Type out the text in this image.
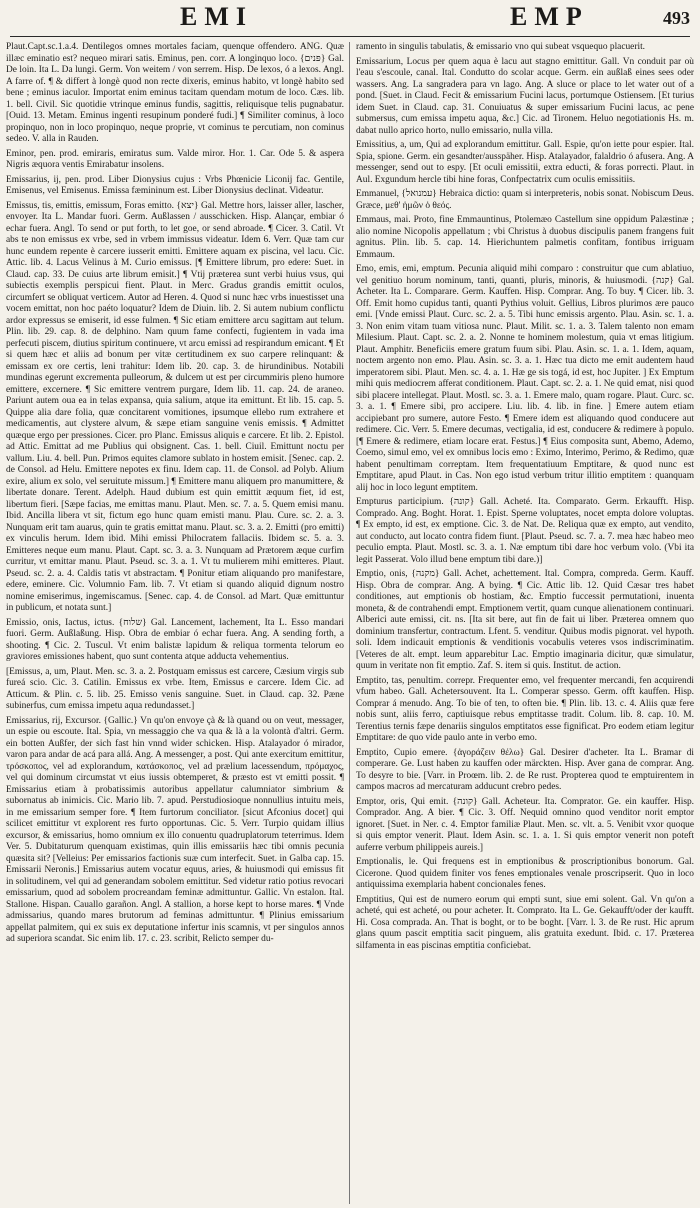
EMI	EMP	493

Plaut.Capt.sc.1.a.4. Dentilegos omnes mortales faciam, quenque offendero. ANG. Quæ illæc eminatio est? nequeo mirari satis. Eminus, pen. corr. A longinquo loco. {פּנים} Gal. De loin. Ita L. Da lungi. Germ. Von weitem / von serrem. Hisp. De lexos, ó a lexos. Angl. A farre of. ¶ & differt à longè quod non recte dixeris, eminus habito, vt longè habito sed bene ; eminus iaculor. Importat enim eminus tacitam quendam motum de loco. Cæs. lib. 1. bell. Civil. Sic quotidie vtrinque eminus fundis, sagittis, reliquisque telis pugnabatur. [Ouid. 13. Metam. Eminus ingenti resupinum ponderé fudi.] ¶ Similiter cominus, à loco propinquo, non in loco propinquo, neque proprie, vt cominus te percutiam, non cominus sedeo. V. alla in Rauden.

Eminor, pen. prod. emiraris, emiratus sum. Valde miror. Hor. 1. Car. Ode 5. & aspera Nigris æquora ventis Emirabatur insolens.

Emissarius, ij, pen. prod. Liber Dionysius cujus : Vrbs Phœnicie Liconij fac. Gentile, Emisenus, vel Emisenus. Emissa fæmininum est. Liber Dionysius declinat. Videatur.

Emissus, tis, emittis, emissum, Foras emitto. {יצא} Gal. Mettre hors, laisser aller, lascher, envoyer. Ita L. Mandar fuori. Germ. Außlassen / ausschicken. Hisp. Alançar, embiar ó echar fuera. Angl. To send or put forth, to let goe, or send abroade. ¶ Cicer. 3. Catil. Vt abs te non emissus ex vrbe, sed in vrbem immissus videatur. Idem 6. Verr. Quæ tam cur hunc eundem repente è carcere iusserit emitti. Emittere aquam ex piscina, vel lacu. Cic. Attic. lib. 4. Lacus Velinus à M. Curio emissus. [¶ Emittere librum, pro edere: Suet. in Claud. cap. 33. De cuius arte librum emisit.] ¶ Vtij præterea sunt verbi huius vsus, qui subiectis exemplis perspicui fient. Plaut. in Merc. Gradus grandis emittit oculos, circumfert se obliquat verticem. Autor ad Heren. 4. Quod si nunc hæc vrbs inuestisset una vocem emittat, non hoc paéto loquatur? Idem de Diuin. lib. 2. Si autem nubium conflictu ardor expressus se emiserit, id esse fulmen. ¶ Sic etiam emittere arcu sagittam aut telum. Plin. lib. 29. cap. 8. de delphino. Nam quum fame confecti, fugientem in vada ima perfecuti piscem, diutius spiritum continuere, vt arcu emissi ad respirandum emicant. ¶ Et si quem hæc et aliis ad bonum per vitæ certitudinem ex suo carpere relinquant: & emissam ex ore certis, leni trahitur: Idem lib. 20. cap. 3. de hirundinibus. Notabili mundinas egerunt excrementa pulleorum, & dulcem ut est per circummiris pleno humore emittere, excernere. ¶ Sic emittere ventrem purgare, Idem lib. 11. cap. 24. de araneo. Pariunt autem oua ea in telas expansa, quia salium, atque ita emittunt. Et lib. 15. cap. 5. Quippe alia dare folia, quæ concitarent vomitiones, ipsumque ellebo rum extrahere et medicamentis, aut clystere alvum, & sæpe etiam sanguine venis emissis. ¶ Admittet quæque ergo per pressiones. Cicer. pro Planc. Emissus aliquis e carcere. Et lib. 2. Epistol. ad Attic. Emittat ad me Publius qui obsignent. Cas. 1. bell. Ciuil. Emittunt noctu per vallum. Liu. 4. bell. Pun. Primos equites clamore sublato in hostem emisit. [Senec. cap. 2. de Consol. ad Helu. Emittere nepotes ex finu. Idem cap. 11. de Consol. ad Polyb. Alium exire, alium ex solo, vel seruitute missum.] ¶ Emittere manu aliquem pro manumittere, & libertate donare. Terent. Adelph. Haud dubium est quin emittit æquum fiet, id est, libertum fieri. [Sæpe facias, me emittas manu. Plaut. Men. sc. 7. a. 5. Quem emisi manu. Ibid. Ancilla libera vt sit, fictum ego hunc quam emisti manu. Plau. Cure. sc. 2. a. 3. Nunquam erit tam auarus, quin te gratis emittat manu. Plaut. sc. 3. a. 2. Emitti (pro emitti) ex vinculis herum. Idem ibid. Mihi emissi Philocratem fallaciis. Ibidem sc. 5. a. 3. Emitteres neque eum manu. Plaut. Capt. sc. 3. a. 3. Nunquam ad Prætorem æque curfim curritur, vt emittar manu. Plaut. Pseud. sc. 3. a. 1. Vt tu mulierem mihi emitteres. Plaut. Pseud. sc. 2. a. 4. Caldis tatis vt abstractam. ¶ Ponitur etiam aliquando pro manifestare, edere, eminere. Cic. Volumnio Fam. lib. 7. Vt etiam si quando aliquid dignum nostro nomine emiserimus, ingemiscamus. [Senec. cap. 4. de Consol. ad Mart. Quæ emittuntur in publicum, et notata sunt.]

Emissio, onis, Iactus, ictus. {שלוח} Gal. Lancement, lachement, Ita L. Esso mandari fuori. Germ. Außlaßung. Hisp. Obra de embiar ó echar fuera. Ang. A sending forth, a shooting. ¶ Cic. 2. Tuscul. Vt enim balistæ lapidum & reliqua tormenta telorum eo graviores emissiones habent, quo sunt contenta atque adducta vehementius.

[Emissus, a, um, Plaut. Men. sc. 3. a. 2. Postquam emissus est carcere, Cæsium virgis sub fureá scio. Cic. 3. Catilin. Emissus ex vrbe. Item, Emissus e carcere. Idem Cic. ad Atticum. & Plin. c. 5. lib. 25. Emisso venis sanguine. Suet. in Claud. cap. 32. Pæne subinerfus, cum emissa impetu aqua redundasset.]

Emissarius, rij, Excursor. {Gallic.} Vn qu'on envoye çà & là quand ou on veut, messager, un espie ou escoute. Ital. Spia, vn messaggio che va qua & là a la volontà d'altri. Germ. ein botten Außfer, der sich fast hin vnnd wider schicken. Hisp. Atalayador ó mirador, varon para andar de acá para allá. Ang. A messenger, a post. Qui ante exercitum emittitur, τρόσκοπος, vel ad explorandum, κατάσκοπος, vel ad prælium lacessendum, πρόμαχος, vel qui dominum circumstat vt eius iussis obtemperet, & præsto est vt emitti possit. ¶ Emissarius etiam à probatissimis autoribus appellatur calumniator simbrium & subornatus ab inimicis. Cic. Mario lib. 7. apud. Perstudiosioque nonnullius intuitu meis, in me emissarium semper fore. ¶ Item furtorum conciliator. [sicut Afconius docet] qui scilicet emittitur vt explorent res furto opportunas. Cic. 5. Verr. Turpio quidam illius excursor, & emissarius, homo omnium ex illo conuentu quadruplatorum teterrimus. Idem Ver. 5. Dubitaturum quenquam existimas, quin illis emissariis hæc tibi omnis pecunia quæsita sit? [Velleius: Per emissarios factionis suæ cum interfecit. Suet. in Galba cap. 15. Emissarii Neronis.] Emissarius autem vocatur equus, aries, & huiusmodi qui emissus fit in solitudinem, vel qui ad generandam sobolem emittitur. Sed videtur ratio potius revocari emissarium, quod ad sobolem procreandam feminæ admittuntur. Gallic. Vn estalon. Ital. Stallone. Hispan. Cauallo garañon. Angl. A stallion, a horse kept to horse mares. ¶ Vnde admissarius, quando mares brutorum ad feminas admittuntur. ¶ Plinius emissarium appellat palmitem, qui ex suis ex deputatione infertur inis scamnis, vt per singulos annos ad superiora scandat. Sic enim lib. 17. c. 23. scribit, Relicto semper du-

ramento in singulis tabulatis, & emissario vno qui subeat vsquequo placuerit.

Emissarium, Locus per quem aqua è lacu aut stagno emittitur. Gall. Vn conduit par où l'eau s'escoule, canal. Ital. Condutto do scolar acque. Germ. ein außlaß eines sees oder wassers. Ang. La sangradera para vn lago. Ang. A sluce or place to let water out of a pond. [Suet. in Claud. Fecit & emissarium Fucini lacus, portumque Ostiensem. [Et turius idem Suet. in Claud. cap. 31. Conuiuatus & super emissarium Fucini lacus, ac pene submersus, cum emissa impetu aqua, &c.] Cic. ad Tironem. Heluo negotiationis Hs. m. dabat nullo aprico horto, nullo emissario, nulla villa.

Emissitius, a, um, Qui ad explorandum emittitur. Gall. Espie, qu'on iette pour espier. Ital. Spia, spione. Germ. ein gesandter/ausspäher. Hisp. Atalayador, falaldrio ó afusera. Ang. A messenger, send out to espy. [Et oculi emissitii, extra educti, & foras porrecti. Plaut. in Aul. Exgundum hercle tibi hine foras, Confpectatrix cum oculis emissitiis.

Emmanuel, {עמנואל} Hebraica dictio: quam si interpreteris, nobis sonat. Nobiscum Deus. Græce, μεθ' ἡμῶν ὁ θεός.

Emmaus, mai. Proto, fine Emmauntinus, Ptolemæo Castellum sine oppidum Palæstinæ ; alio nomine Nicopolis appellatum ; vbi Christus à duobus discipulis panem frangens fuit agnitus. Plin. lib. 5. cap. 14. Hierichuntem palmetis confitam, fontibus irriguam Emmaum.

Emo, emis, emi, emptum. Pecunia aliquid mihi comparo : construitur que cum ablatiuo, vel genitiuo horum nominum, tanti, quanti, pluris, minoris, & huiusmodi. {קנה} Gal. Acheter. Ita L. Comparare. Germ. Kauffen. Hisp. Comprar. Ang. To buy. ¶ Cicer. lib. 3. Off. Emit homo cupidus tanti, quanti Pythius voluit. Gellius, Libros plurimos ære pauco emi. [Vnde emissi Plaut. Curc. sc. 2. a. 5. Tibi hunc emissis argento. Plau. Asin. sc. 1. a. 3. Non enim vitam tuam vitiosa nunc. Plaut. Milit. sc. 1. a. 3. Talem talento non emam Milesium. Plaut. Capt. sc. 2. a. 2. Nonne te hominem molestum, quia vt emas litigium. Plaut. Amphitr. Beneficiis emere gratum fuum sibi. Plau. Asin. sc. 1. a. 1. Idem, aquam, noctem argento non emo. Plau. Asin. sc. 3. a. 1. Hæc tua dicto me emit audentem haud imperatorem sibi. Plaut. Men. sc. 4. a. 1. Hæ ge sis togá, id est, hoc Jupiter. ] Ex Emptum mihi quis mediocrem afferat conditionem. Plaut. Capt. sc. 2. a. 1. Ne quid emat, nisi quod sibi placere intellegat. Plaut. Mostl. sc. 3. a. 1. Emere malo, quam rogare. Plaut. Curc. sc. 3. a. 1. ¶ Emere sibi, pro accipere. Liu. lib. 4. lib. in fine. ] Emere autem etiam accipiebant pro sumere, autore Festo. ¶ Emere idem est aliquando quod conducere aut redimere. Cic. Verr. 5. Emere decumas, vectigalia, id est, conducere & redimere à populo. [¶ Emere & redimere, etiam locare erat. Festus.] ¶ Eius composita sunt, Abemo, Ademo, Coemo, simul emo, vel ex omnibus locis emo : Eximo, Interimo, Perimo, & Redimo, quæ habent penultimam correptam. Item frequentatiuum Emptitare, & quod nunc est Emptitare, apud Plaut. in Cas. Non ego istud verbum tritur illitio emptitem : quanquam alij hoc in loco legunt emptitem.

Empturus participium. {קונה} Gall. Acheté. Ita. Comparato. Germ. Erkaufft. Hisp. Comprado. Ang. Boght. Horat. 1. Epist. Sperne voluptates, nocet empta dolore voluptas. ¶ Ex empto, id est, ex emptione. Cic. 3. de Nat. De. Reliqua quæ ex empto, aut vendito, aut conducto, aut locato contra fidem fiunt. [Plaut. Pseud. sc. 7. a. 7. mea hæc habeo meo peculio empta. Plaut. Mostl. sc. 3. a. 1. Næ emptum tibi dare hoc verbum volo. (Vbi ita legit Passerat. Volo illud bene emptum tibi dare.)]

Emptio, onis, {מקנה} Gall. Achet, achettement. Ital. Compra, compreda. Germ. Kauff. Hisp. Obra de comprar. Ang. A bying. ¶ Cic. Attic lib. 12. Quid Cæsar tres habet conditiones, aut emptionis ob hostiam, &c. Emptio fuccessit permutationi, inuenta moneta, & de contrahendi empt. Emptionem vertit, quam cunque alienationem continuari. Alberici aute emissi, cit. ns. [Ita sit bere, aut fin de fait ui liber. Præterea omnem quo dominium transfertur, contractum. Lfent. 5. venditur. Quibus modis pignorat. vel hypoth. soli. Idem indicauit emptionis & venditionis vocabulis veteres vsos indiscriminatim. [Veteres de alt. empt. leum apparebitur Lac. Emptio imaginaria dicitur, quæ simulatur, quum in veritate non fit emptio. Zaf. S. item si quis. Institut. de action.

Emptito, tas, penultim. correpr. Frequenter emo, vel frequenter mercandi, fen acquirendi vfum habeo. Gall. Achetersouvent. Ita L. Comperar spesso. Germ. offt kauffen. Hisp. Comprar á menudo. Ang. To bie of ten, to often bie. ¶ Plin. lib. 13. c. 4. Aliis quæ fere nobis sunt, aliis ferro, captiuisque rebus emptitasse tradit. Colum. lib. 8. cap. 10. M. Terentius ternis fæpe denariis singulos emptitatos esse fignificat. Pro eodem etiam legitur Emptitare: de quo vide paulo ante in verbo emo.

Emptito, Cupio emere. {ἀγοράζειν θέλω} Gal. Desirer d'acheter. Ita L. Bramar di comperare. Ge. Lust haben zu kauffen oder märckten. Hisp. Aver gana de comprar. Ang. To desyre to bie. [Varr. in Proœm. lib. 2. de Re rust. Propterea quod te emptuirentem in campos macros ad mercaturam adducunt crebro pedes.

Emptor, oris, Qui emit. {קונה} Gall. Acheteur. Ita. Comprator. Ge. ein kauffer. Hisp. Comprador. Ang. A bier. ¶ Cic. 3. Off. Nequid omnino quod venditor norit emptor ignoret. [Suet. in Ner. c. 4. Emptor familiæ Plaut. Men. sc. vlt. a. 5. Venibit vxor quoque si quis emptor venerit. Plaut. Idem Asin. sc. 1. a. 1. Si quis emptor venerit non poteft auferre verbum philippeis aureis.]

Emptionalis, le. Qui frequens est in emptionibus & proscriptionibus bonorum. Gal. Cicerone. Quod quidem finiter vos fenes emptionales venale proscripserit. Quo in loco antiquissima exemplaria habent concionales fenes.

Emptitius, Qui est de numero eorum qui empti sunt, siue emi solent. Gal. Vn qu'on a acheté, qui est acheté, ou pour acheter. It. Comprato. Ita L. Ge. Gekaufft/oder der kaufft. Hi. Cosa comprada. An. That is boght, or to be boght. [Varr. l. 3. de Re rust. Hic aprum glans quum pascit emptitia sacit pinguem, alis gratuita exedunt. Ibid. c. 17. Præterea silfamenta in eas piscinas emptitia conficiebat.
